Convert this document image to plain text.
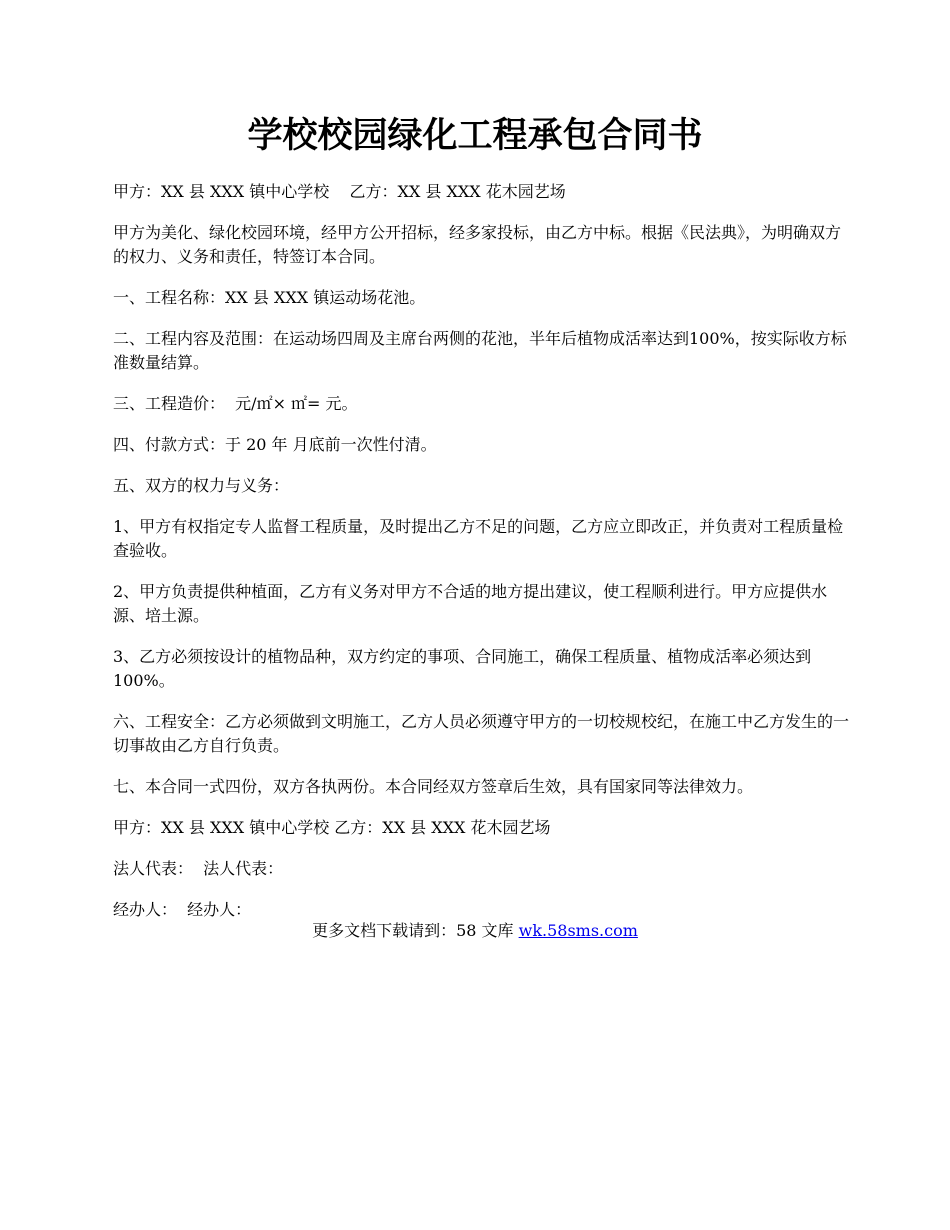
学校校园绿化工程承包合同书

甲方：XX 县 XXX 镇中心学校    乙方：XX 县 XXX 花木园艺场

甲方为美化、绿化校园环境，经甲方公开招标，经多家投标，由乙方中标。根据《民法典》，为明确双方的权力、义务和责任，特签订本合同。

一、工程名称：XX 县 XXX 镇运动场花池。

二、工程内容及范围：在运动场四周及主席台两侧的花池，半年后植物成活率达到100%，按实际收方标准数量结算。

三、工程造价：  元/㎡× ㎡= 元。

四、付款方式：于 20 年 月底前一次性付清。

五、双方的权力与义务：

1、甲方有权指定专人监督工程质量，及时提出乙方不足的问题，乙方应立即改正，并负责对工程质量检查验收。

2、甲方负责提供种植面，乙方有义务对甲方不合适的地方提出建议，使工程顺利进行。甲方应提供水源、培土源。

3、乙方必须按设计的植物品种，双方约定的事项、合同施工，确保工程质量、植物成活率必须达到 100%。

六、工程安全：乙方必须做到文明施工，乙方人员必须遵守甲方的一切校规校纪，在施工中乙方发生的一切事故由乙方自行负责。

七、本合同一式四份，双方各执两份。本合同经双方签章后生效，具有国家同等法律效力。

甲方：XX 县 XXX 镇中心学校 乙方：XX 县 XXX 花木园艺场

法人代表：  法人代表：

经办人：  经办人：

更多文档下载请到：58 文库 wk.58sms.com
